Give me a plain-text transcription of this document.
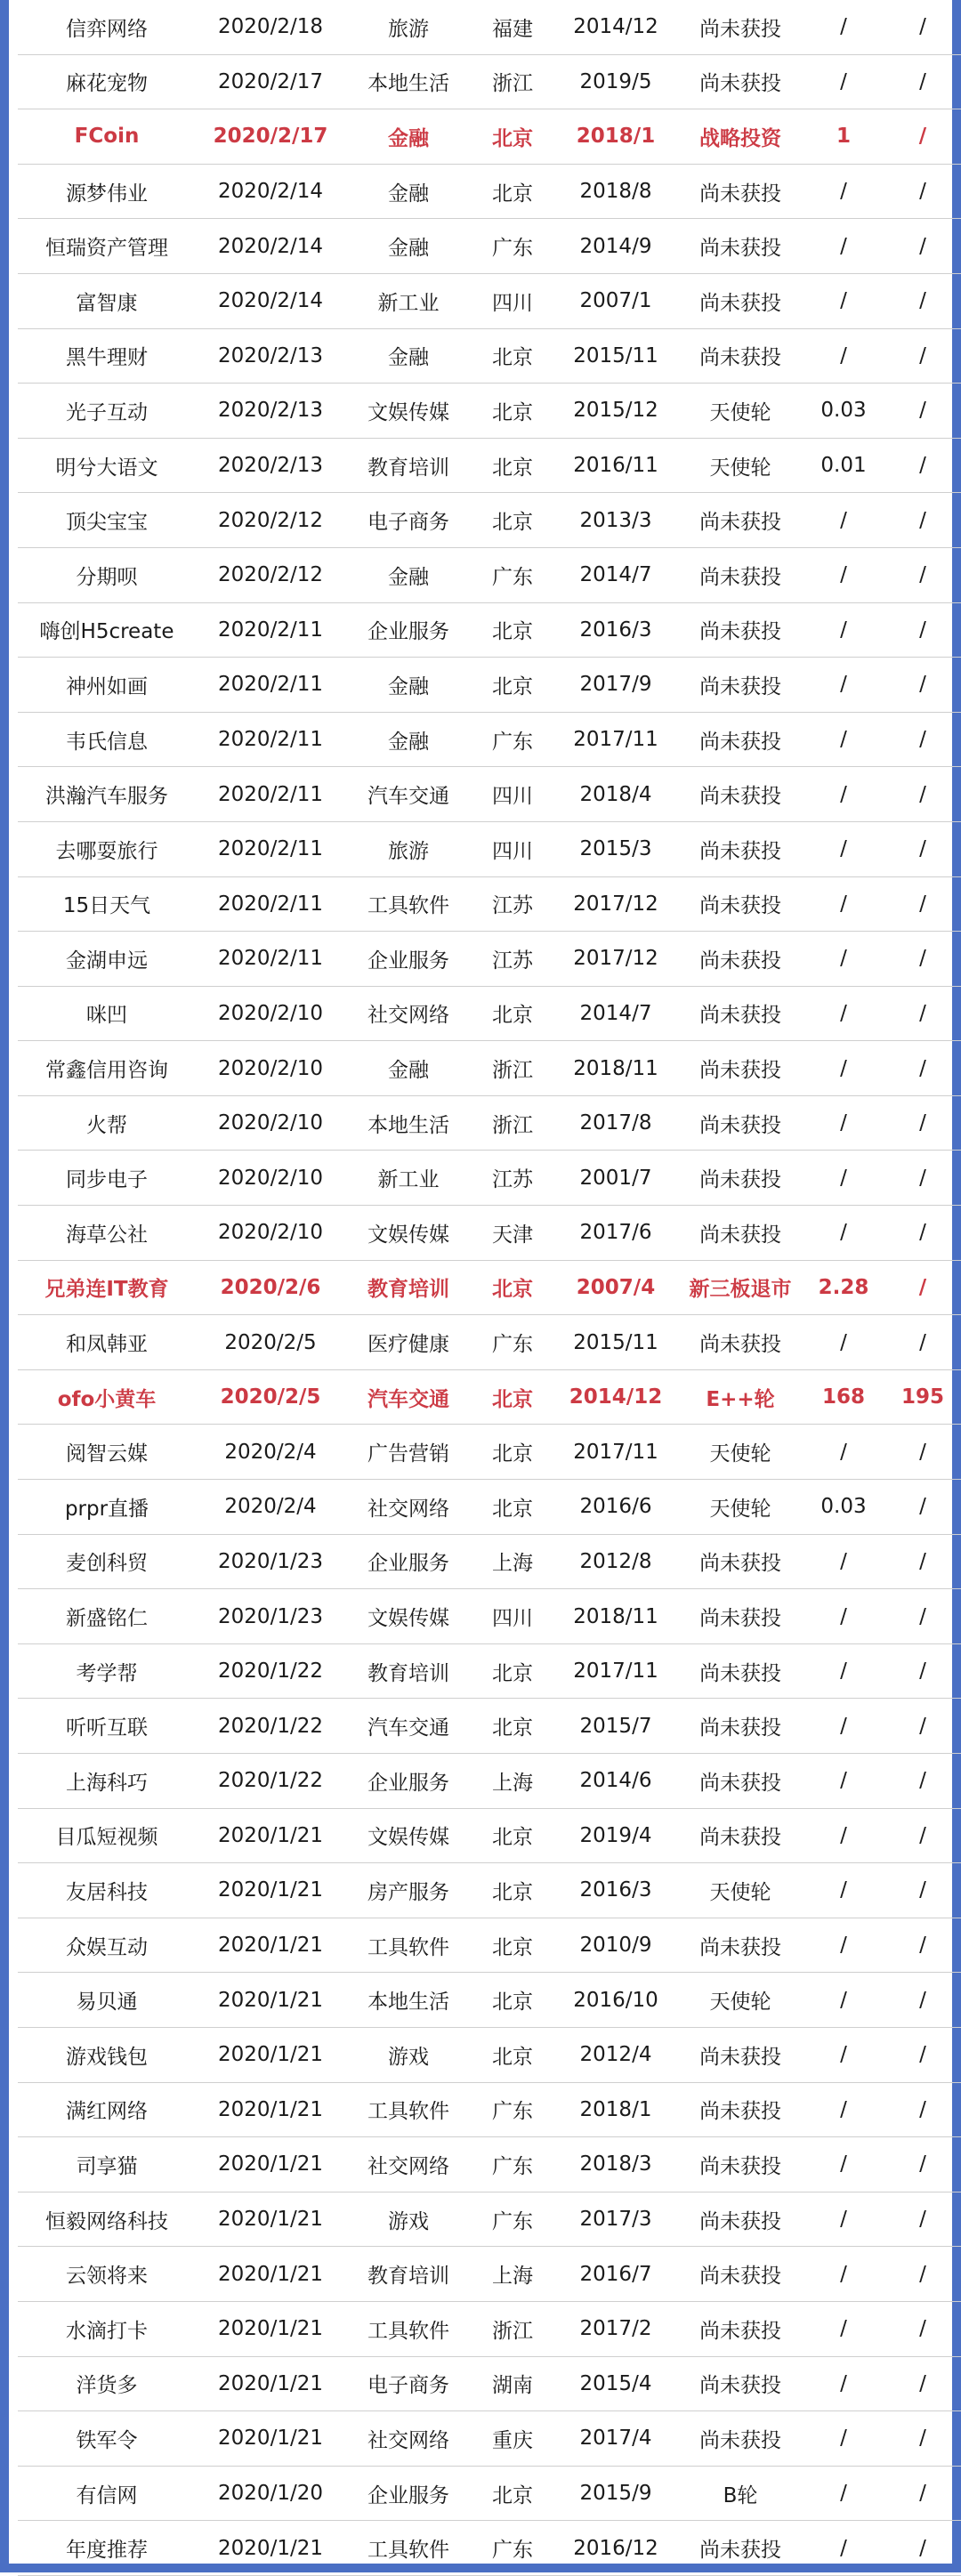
信弈网络	2020/2/18	旅游	福建	2014/12	尚未获投	/	/
麻花宠物	2020/2/17	本地生活	浙江	2019/5	尚未获投	/	/
FCoin	2020/2/17	金融	北京	2018/1	战略投资	1	/
源梦伟业	2020/2/14	金融	北京	2018/8	尚未获投	/	/
恒瑞资产管理	2020/2/14	金融	广东	2014/9	尚未获投	/	/
富智康	2020/2/14	新工业	四川	2007/1	尚未获投	/	/
黑牛理财	2020/2/13	金融	北京	2015/11	尚未获投	/	/
光子互动	2020/2/13	文娱传媒	北京	2015/12	天使轮	0.03	/
明兮大语文	2020/2/13	教育培训	北京	2016/11	天使轮	0.01	/
顶尖宝宝	2020/2/12	电子商务	北京	2013/3	尚未获投	/	/
分期呗	2020/2/12	金融	广东	2014/7	尚未获投	/	/
嗨创H5create	2020/2/11	企业服务	北京	2016/3	尚未获投	/	/
神州如画	2020/2/11	金融	北京	2017/9	尚未获投	/	/
韦氏信息	2020/2/11	金融	广东	2017/11	尚未获投	/	/
洪瀚汽车服务	2020/2/11	汽车交通	四川	2018/4	尚未获投	/	/
去哪耍旅行	2020/2/11	旅游	四川	2015/3	尚未获投	/	/
15日天气	2020/2/11	工具软件	江苏	2017/12	尚未获投	/	/
金湖申远	2020/2/11	企业服务	江苏	2017/12	尚未获投	/	/
咪凹	2020/2/10	社交网络	北京	2014/7	尚未获投	/	/
常鑫信用咨询	2020/2/10	金融	浙江	2018/11	尚未获投	/	/
火帮	2020/2/10	本地生活	浙江	2017/8	尚未获投	/	/
同步电子	2020/2/10	新工业	江苏	2001/7	尚未获投	/	/
海草公社	2020/2/10	文娱传媒	天津	2017/6	尚未获投	/	/
兄弟连IT教育	2020/2/6	教育培训	北京	2007/4	新三板退市	2.28	/
和凤韩亚	2020/2/5	医疗健康	广东	2015/11	尚未获投	/	/
ofo小黄车	2020/2/5	汽车交通	北京	2014/12	E++轮	168	195
阅智云媒	2020/2/4	广告营销	北京	2017/11	天使轮	/	/
prpr直播	2020/2/4	社交网络	北京	2016/6	天使轮	0.03	/
麦创科贸	2020/1/23	企业服务	上海	2012/8	尚未获投	/	/
新盛铭仁	2020/1/23	文娱传媒	四川	2018/11	尚未获投	/	/
考学帮	2020/1/22	教育培训	北京	2017/11	尚未获投	/	/
听听互联	2020/1/22	汽车交通	北京	2015/7	尚未获投	/	/
上海科巧	2020/1/22	企业服务	上海	2014/6	尚未获投	/	/
目瓜短视频	2020/1/21	文娱传媒	北京	2019/4	尚未获投	/	/
友居科技	2020/1/21	房产服务	北京	2016/3	天使轮	/	/
众娱互动	2020/1/21	工具软件	北京	2010/9	尚未获投	/	/
易贝通	2020/1/21	本地生活	北京	2016/10	天使轮	/	/
游戏钱包	2020/1/21	游戏	北京	2012/4	尚未获投	/	/
满红网络	2020/1/21	工具软件	广东	2018/1	尚未获投	/	/
司享猫	2020/1/21	社交网络	广东	2018/3	尚未获投	/	/
恒毅网络科技	2020/1/21	游戏	广东	2017/3	尚未获投	/	/
云领将来	2020/1/21	教育培训	上海	2016/7	尚未获投	/	/
水滴打卡	2020/1/21	工具软件	浙江	2017/2	尚未获投	/	/
洋货多	2020/1/21	电子商务	湖南	2015/4	尚未获投	/	/
铁军令	2020/1/21	社交网络	重庆	2017/4	尚未获投	/	/
有信网	2020/1/20	企业服务	北京	2015/9	B轮	/	/
年度推荐	2020/1/21	工具软件	广东	2016/12	尚未获投	/	/
